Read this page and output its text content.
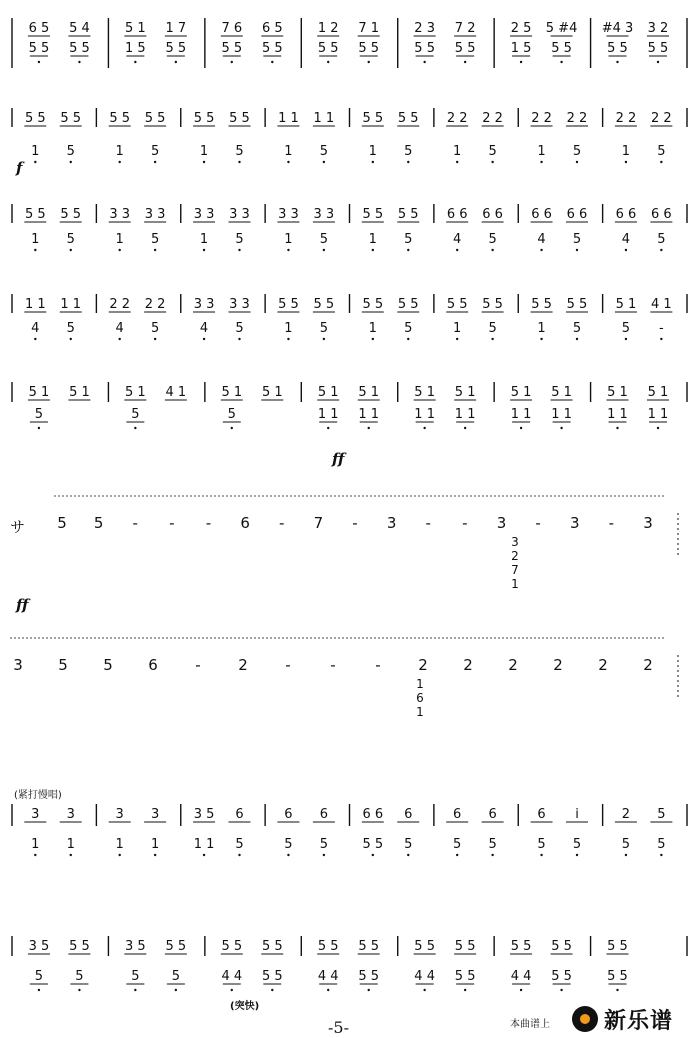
6 5
5 5
5 4
5 5
5 1
1 5
1 7
5 5
7 6
5 5
6 5
5 5
1 2
5 5
7 1
5 5
2 3
5 5
7 2
5 5
2 5
1 5
5 #4
5 5
#4 3
5 5
3 2
5 5
5 5
1
5 5
5
5 5
1
5 5
5
5 5
1
5 5
5
1 1
1
1 1
5
5 5
1
5 5
5
2 2
1
2 2
5
2 2
1
2 2
5
2 2
1
2 2
5
f
5 5
1
5 5
5
3 3
1
3 3
5
3 3
1
3 3
5
3 3
1
3 3
5
5 5
1
5 5
5
6 6
4
6 6
5
6 6
4
6 6
5
6 6
4
6 6
5
1 1
4
1 1
5
2 2
4
2 2
5
3 3
4
3 3
5
5 5
1
5 5
5
5 5
1
5 5
5
5 5
1
5 5
5
5 5
1
5 5
5
5 1
5
4 1
-
5 1
5
5 1	5 1
5
4 1	5 1
5
5 1	5 1
1 1
5 1
1 1
5 1
1 1
5 1
1 1
5 1
1 1
5 1
1 1
5 1
1 1
5 1
1 1
ff
サ 5 5 - - - 6 - 7 - 3 - - 3 - 3 - 3
3
2
7
1
ff
3 5 5 6	-	2	-	-	-	2 2 2 2 2 2
1
6
1
(紧打慢唱)
3
1
3
1
3
1
3
1
3 5
1 1
6
5
6
5
6
5
6 6
5 5
6
5
6
5
6
5
6
5
i
5
2
5
5
5
3 5
5
5 5
5
3 5
5
5 5
5
5 5
4 4
5 5
5 5
5 5
4 4
5 5
5 5
5 5
4 4
5 5
5 5
5 5
4 4
5 5
5 5
5 5
5 5
(突快)
-5-	本曲谱上 新乐谱
